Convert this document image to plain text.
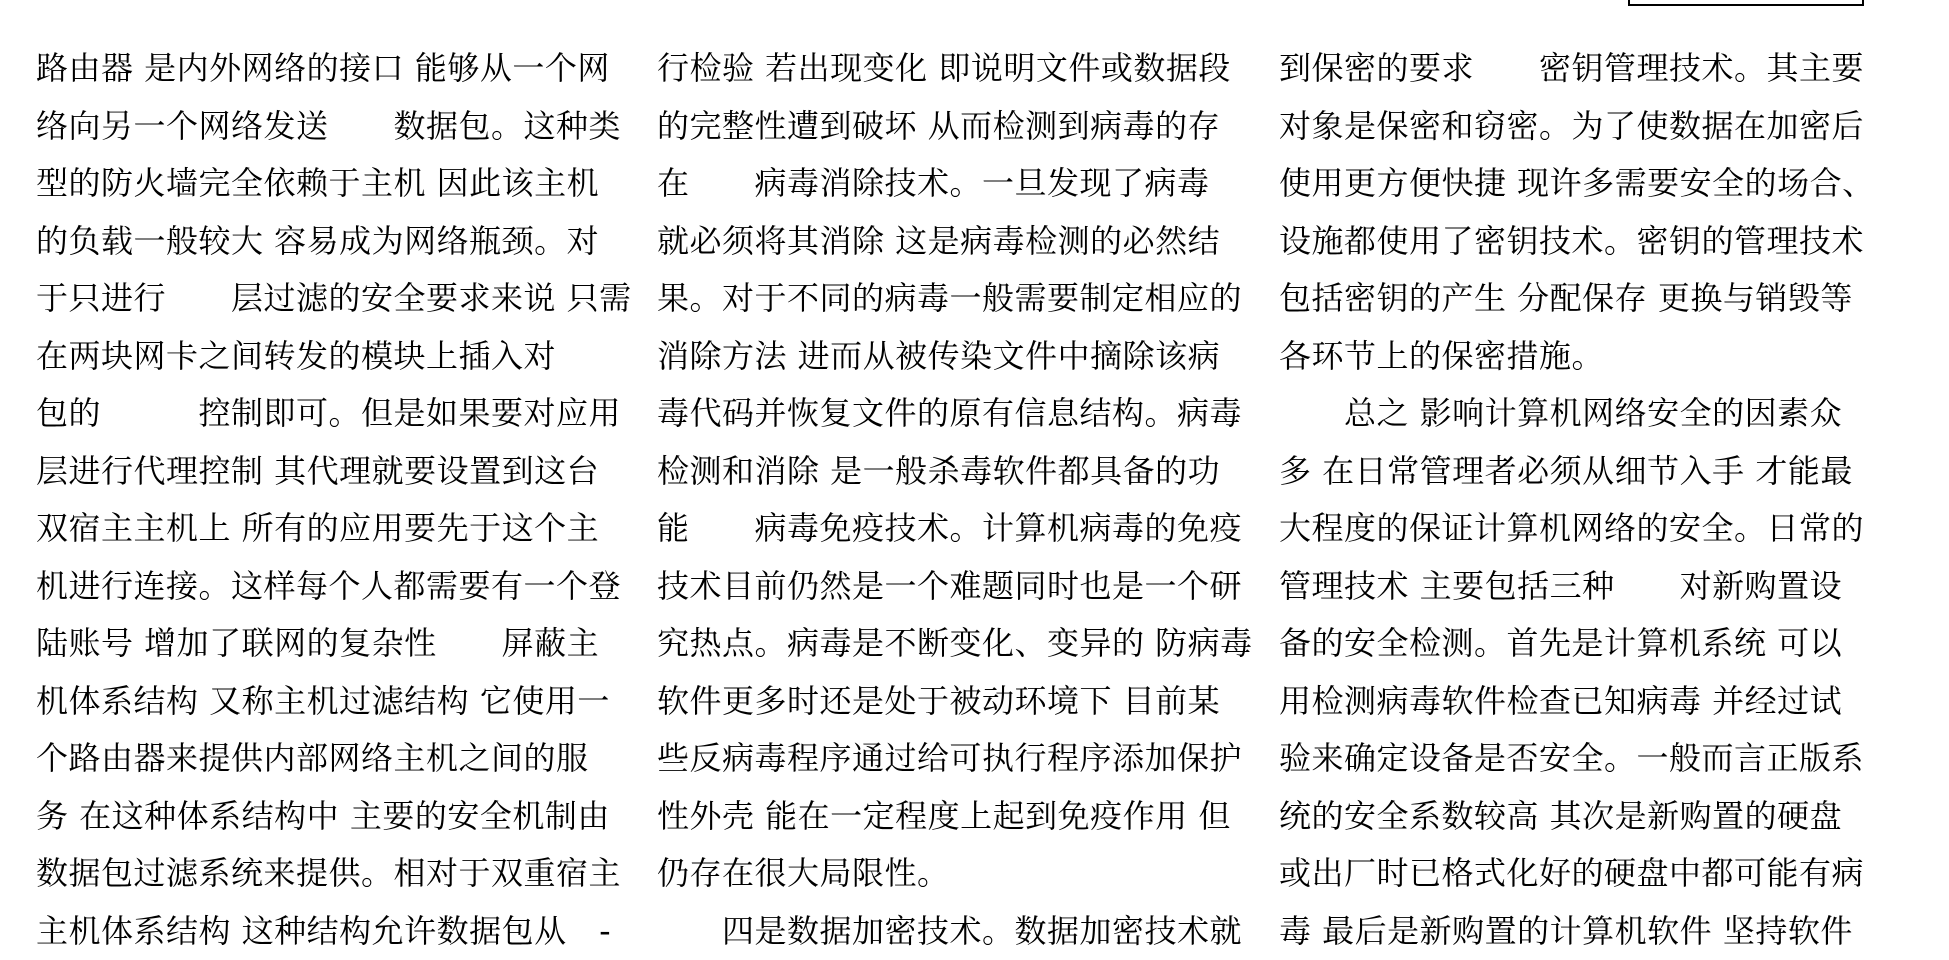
路由器 是内外网络的接口 能够从一个网
络向另一个网络发送　　数据包。这种类
型的防火墙完全依赖于主机 因此该主机
的负载一般较大 容易成为网络瓶颈。对
于只进行　　层过滤的安全要求来说 只需
在两块网卡之间转发的模块上插入对
包的　　　控制即可。但是如果要对应用
层进行代理控制 其代理就要设置到这台
双宿主主机上 所有的应用要先于这个主
机进行连接。这样每个人都需要有一个登
陆账号 增加了联网的复杂性　　屏蔽主
机体系结构 又称主机过滤结构 它使用一
个路由器来提供内部网络主机之间的服
务 在这种体系结构中 主要的安全机制由
数据包过滤系统来提供。相对于双重宿主
主机体系结构 这种结构允许数据包从　-
行检验 若出现变化 即说明文件或数据段
的完整性遭到破坏 从而检测到病毒的存
在　　病毒消除技术。一旦发现了病毒
就必须将其消除 这是病毒检测的必然结
果。对于不同的病毒一般需要制定相应的
消除方法 进而从被传染文件中摘除该病
毒代码并恢复文件的原有信息结构。病毒
检测和消除 是一般杀毒软件都具备的功
能　　病毒免疫技术。计算机病毒的免疫
技术目前仍然是一个难题同时也是一个研
究热点。病毒是不断变化、变异的 防病毒
软件更多时还是处于被动环境下 目前某
些反病毒程序通过给可执行程序添加保护
性外壳 能在一定程度上起到免疫作用 但
仍存在很大局限性。
　　四是数据加密技术。数据加密技术就
到保密的要求　　密钥管理技术。其主要
对象是保密和窃密。为了使数据在加密后
使用更方便快捷 现许多需要安全的场合、
设施都使用了密钥技术。密钥的管理技术
包括密钥的产生 分配保存 更换与销毁等
各环节上的保密措施。
　　总之 影响计算机网络安全的因素众
多 在日常管理者必须从细节入手 才能最
大程度的保证计算机网络的安全。日常的
管理技术 主要包括三种　　对新购置设
备的安全检测。首先是计算机系统 可以
用检测病毒软件检查已知病毒 并经过试
验来确定设备是否安全。一般而言正版系
统的安全系数较高 其次是新购置的硬盘
或出厂时已格式化好的硬盘中都可能有病
毒 最后是新购置的计算机软件 坚持软件
